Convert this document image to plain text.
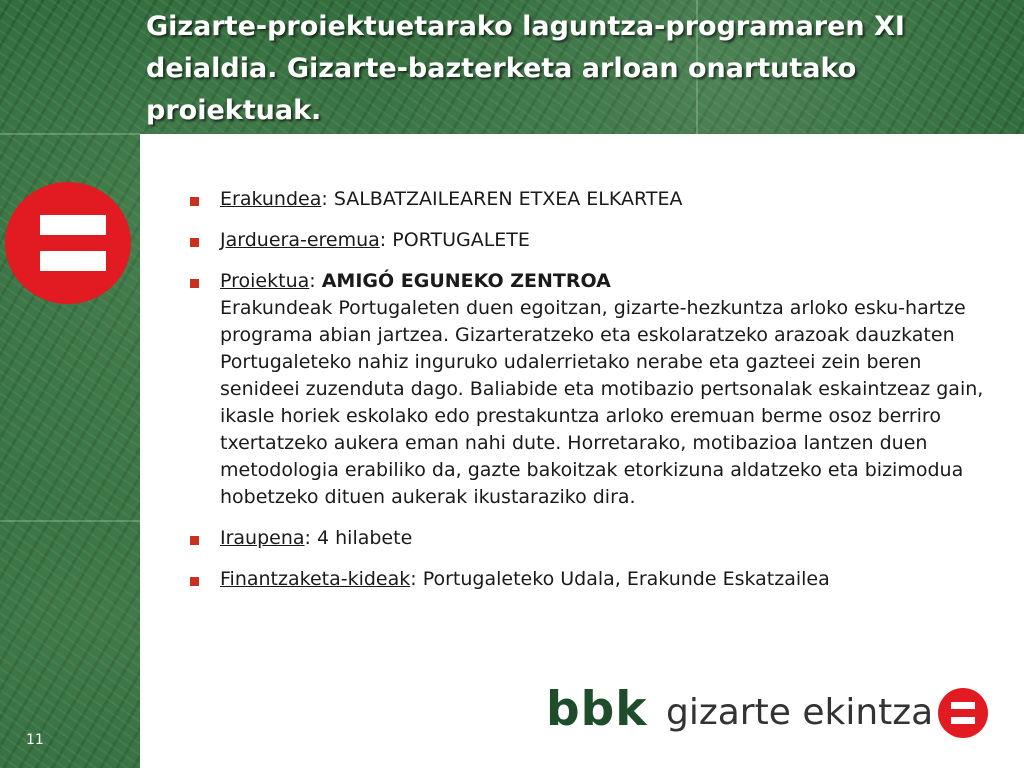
Gizarte-proiektuetarako laguntza-programaren XI deialdia. Gizarte-bazterketa arloan onartutako proiektuak.
Erakundea: SALBATZAILEAREN ETXEA ELKARTEA
Jarduera-eremua: PORTUGALETE
Proiektua: AMIGÓ EGUNEKO ZENTROA
Erakundeak Portugaleten duen egoitzan, gizarte-hezkuntza arloko esku-hartze programa abian jartzea. Gizarteratzeko eta eskolaratzeko arazoak dauzkaten Portugaleteko nahiz inguruko udalerrietako nerabe eta gazteei zein beren senideei zuzenduta dago. Baliabide eta motibazio pertsonalak eskaintzeaz gain, ikasle horiek eskolako edo prestakuntza arloko eremuan berme osoz berriro txertatzeko aukera eman nahi dute. Horretarako, motibazioa lantzen duen metodologia erabiliko da, gazte bakoitzak etorkizuna aldatzeko eta bizimodua hobetzeko dituen aukerak ikustaraziko dira.
Iraupena: 4 hilabete
Finantzaketa-kideak: Portugaleteko Udala, Erakunde Eskatzailea
bbk gizarte ekintza
11
